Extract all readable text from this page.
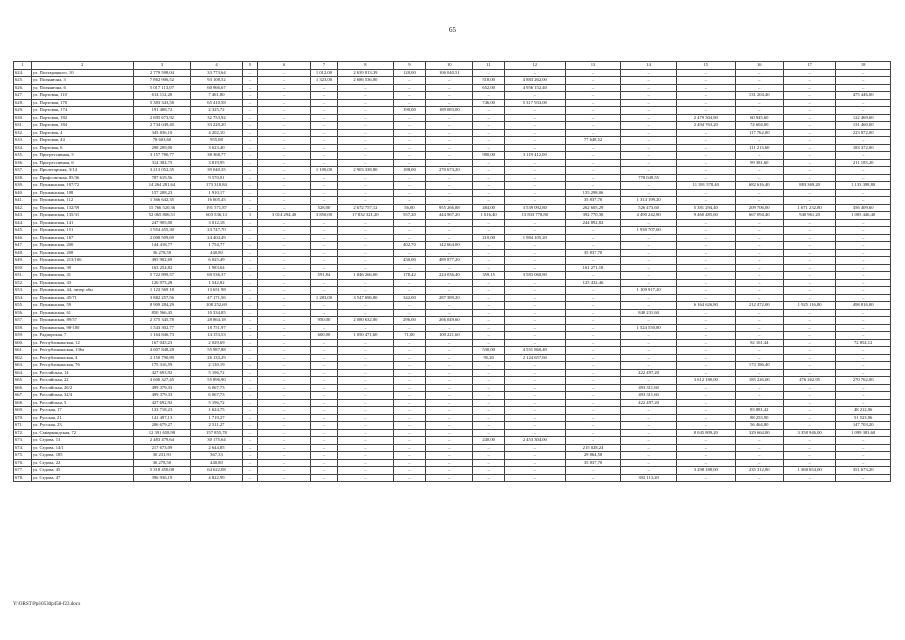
65
1	2	3	4	5	6	7	8	9	10	11	12	13	14	15	16	17	18
624.	ул. Полтарацкого, 10	2 779 598,04	33 773,64	–	–	1 012,00	2 639 813,39	120,00	106 040,51	–	–	–	–	–	–	–	–
625.	ул. Полянична, 3	7 862 906,52	93 108,52	–	–	1 323,00	2 686 536,00	–	–	518,00	4 883 262,00	–	–	–	–	–	–
626.	ул. Полянична, 6	5 017 113,07	60 966,67	–	–	–	–	–	–	652,00	4 956 152,40	–	–	–	–	–	–
627.	ул. Портовая, 110	614 112,20	7 461,80	–	–	–	–	–	–	–	–	–	–	–	131 204,40	–	475 446,00
628.	ул. Портовая, 170	5 383 343,58	65 410,58	–	–	–	–	–	–	746,00	5 317 933,00	–	–	–	–	–	–
629.	ул. Портовая, 174	191 408,72	2 325,72	–	–	–	–	190,00	189 083,00	–	–	–	–	–	–	–	–
630.	ул. Портовая, 182	2 695 673,92	32 753,92	–	–	–	–	–	–	–	–	–	–	2 479 504,80	60 945,60	–	122 469,60
631.	ул. Портовая, 184	2 734 049,40	33 220,20	–	–	–	–	–	–	–	–	–	–	2 494 763,20	74 604,00	–	131 460,00
632.	ул. Портовая, 4	345 836,10	4 202,10	–	–	–	–	–	–	–	–	–	–	–	117 762,00	–	223 872,00
633.	ул. Портовая, 44	78 603,60	955,08	–	–	–	–	–	–	–	–	77 648,52	–	–	–	–	–
634.	ул. Портовая, 6	298 209,00	3 623,40	–	–	–	–	–	–	–	–	–	–	–	111 213,60	–	183 372,00
635.	ул. Прогрессивная, 5	3 157 780,77	38 368,77	–	–	–	–	–	–	980,00	3 119 412,00	–	–	–	–	–	–
636.	ул. Прогрессивная, 6	314 384,75	3 819,95	–	–	–	–	–	–	–	–	–	–	–	99 381,60	–	211 183,20
637.	ул. Пролетарская, 3/14	3 213 052,35	39 040,35	–	–	1 100,00	2 903 338,80	188,00	270 673,20	–	–	–	–	–	–	–	–
638.	ул. Профсоюзная, 85/36	787 619,56	9 570,01	–	–	–	–	–	–	–	–	–	778 049,55	–	–	–	–
639.	ул. Пушкинская, 107/72	14 264 281,64	173 318,84	–	–	–	–	–	–	–	–	–	–	11 391 578,40	682 616,40	883 369,20	1 133 398,80
640.	ул. Пушкинская, 108	157 208,23	1 910,17	–	–	–	–	–	–	–	–	155 298,06	–	–	–	–	–
641.	ул. Пушкинская, 112	1 366 642,35	16 605,45	–	–	–	–	–	–	–	–	35 837,70	1 314 199,20	–	–	–	–
642.	ул. Пушкинская, 132/59	15 766 520,36	191 571,87	–	–	528,00	2 672 757,12	56,00	955 266,88	484,00	3 539 092,80	262 605,29	526 473,60	5 381 294,40	209 706,00	1 671 232,80	356 409,60
643.	ул. Пушкинская, 135/31	52 065 806,51	603 536,13	1	3 014 294,40	3 850,00	17 832 321,20	557,20	444 967,20	1 616,40	13 833 778,80	392 770,38	4 490 242,80	9 460 485,60	667 094,40	940 961,20	1 005 446,40
644.	ул. Пушкинская, 141	247 905,00	3 012,18	–	–	–	–	–	–	–	–	244 892,82	–	–	–	–	–
645.	ул. Пушкинская, 151	1 954 455,30	23 747,70	–	–	–	–	–	–	–	–	–	1 930 707,60	–	–	–	–
646.	ул. Пушкинская, 167	2 008 509,69	24 404,49	–	–	–	–	–	–	210,00	1 984 105,20	–	–	–	–	–	–
647.	ул. Пушкинская, 200	144 418,77	1 754,77	–	–	–	–	402,70	142 664,00	–	–	–	–	–	–	–	–
648.	ул. Пушкинская, 208	36 278,50	440,80	–	–	–	–	–	–	–	–	35 837,70	–	–	–	–	–
649.	ул. Пушкинская, 213/106	495 902,69	6 025,49	–	–	–	–	430,00	489 877,20	–	–	–	–	–	–	–	–
650.	ул. Пушкинская, 39	163 254,82	1 983,64	–	–	–	–	–	–	–	–	161 271,18	–	–	–	–	–
651.	ул. Пушкинская, 41	5 722 899,57	69 536,37	–	–	591,84	1 846 266,00	178,42	224 036,40	359,15	3 583 060,80	–	–	–	–	–	–
652.	ул. Пушкинская, 43	126 975,28	1 542,82	–	–	–	–	–	–	–	–	125 432,46	–	–	–	–	–
653.	ул. Пушкинская, 44, литер обн	1 123 569 18	13 651 98	–	–	–	–	–	–	–	–	–	1 109 917,20	–	–	–	–
654.	ул. Пушкинская, 45/71	3 882 257,56	47 171,56	–	–	1 283,00	3 547 696,80	342,00	287 389,20	–	–	–	–	–	–	–	–
655.	ул. Пушкинская, 59	8 909 284,29	108 252,69	–	–	–	–	–	–	–	–	–	–	6 164 626,80	212 472,00	1 925 116,80	498 816,00
656.	ул. Пушкинская, 61	850 566,45	10 334,85	–	–	–	–	–	–	–	–	–	840 231,60	–	–	–	–
657.	ул. Пушкинская, 89/57	2 375 345,78	28 864,18	–	–	950,00	2 080 632,00	296,00	266 049,60	–	–	–	–	–	–	–	–
658.	ул. Пушкинская, 98-100	1 543 302,77	18 751,97	–	–	–	–	–	–	–	–	–	1 524 550,80	–	–	–	–
659.	ул. Радиорская, 7	1 164 846,73	14 153,53	–	–	600,00	1 050 471,60	71,00	100 221,60	–	–	–	–	–	–	–	–
660.	ул. Республиканская, 12	167 045,23	2 029,69	–	–	–	–	–	–	–	–	–	–	–	92 161,44	–	72 854,12
661.	ул. Республиканская, 136а	4 607 848,28	55 987,88	–	–	–	–	–	–	530,00	4 551 860,40	–	–	–	–	–	–
662.	ул. Республиканская, 4	2 150 790,89	26 133,29	–	–	–	–	–	–	95,20	2 124 657,60	–	–	–	–	–	–
663.	ул. Республиканская, 76	175 316,59	2 130,19	–	–	–	–	–	–	–	–	–	–	–	173 186,40	–	–
664.	ул. Российская, 14	427 693,92	5 196,72	–	–	–	–	–	–	–	–	–	422 497,20	–	–	–	–
665.	ул. Российская, 22	4 600 327,45	55 896,90	–	–	–	–	–	–	–	–	–	–	3 612 180,00	185 226,00	476 262,95	270 762,00
666.	ул. Российская, 26/2	499 379,33	6 067,73	–	–	–	–	–	–	–	–	–	493 311,60	–	–	–	–
667.	ул. Российская, 32/4	499 379,33	6 067,73	–	–	–	–	–	–	–	–	–	493 311,60	–	–	–	–
668.	ул. Российская, 5	427 692,92	5 196,72	–	–	–	–	–	–	–	–	–	422 497,20	–	–	–	–
669.	ул. Русская, 17	133 718,23	1 624,75	–	–	–	–	–	–	–	–	–	–	–	83 881,42	–	48 212,06
670.	ул. Русская, 21	141 497,13	1 719,27	–	–	–	–	–	–	–	–	–	–	–	88 253,90	–	51 523,96
671.	ул. Русская, 23	206 679,27	2 511,27	–	–	–	–	–	–	–	–	–	–	–	56 464,80	–	147 703,20
672.	ул. Самаркандская, 72	12 391 658,98	157 855,78	–	–	–	–	–	–	–	–	–	–	8 045 809,20	329 664,00	3 358 946,00	1 099 383,60
673.	ул. Седова, 13	2 483 479,64	30 175,64	–	–	–	–	–	–	240,00	2 453 304,00	–	–	–	–	–	–
674.	ул. Седова, 14/1	217 673,09	2 644,85	–	–	–	–	–	–	–	–	215 028,24	–	–	–	–	–
675.	ул. Седова, 185	30 231,91	367,33	–	–	–	–	–	–	–	–	29 864,58	–	–	–	–	–
676.	ул. Седова, 22	36 278,50	440,80	–	–	–	–	–	–	–	–	35 837,70	–	–	–	–	–
677.	ул. Седова, 45	5 318 450,08	64 622,08	–	–	–	–	–	–	–	–	–	–	3 298 188,00	235 312,80	1 368 654,00	351 673,20
678.	ул. Седова, 47	396 936,19	4 822,99	–	–	–	–	–	–	–	–	–	392 113,20	–	–	–	–
Y:\ORST\Ppi\0530p458-f23.docx
